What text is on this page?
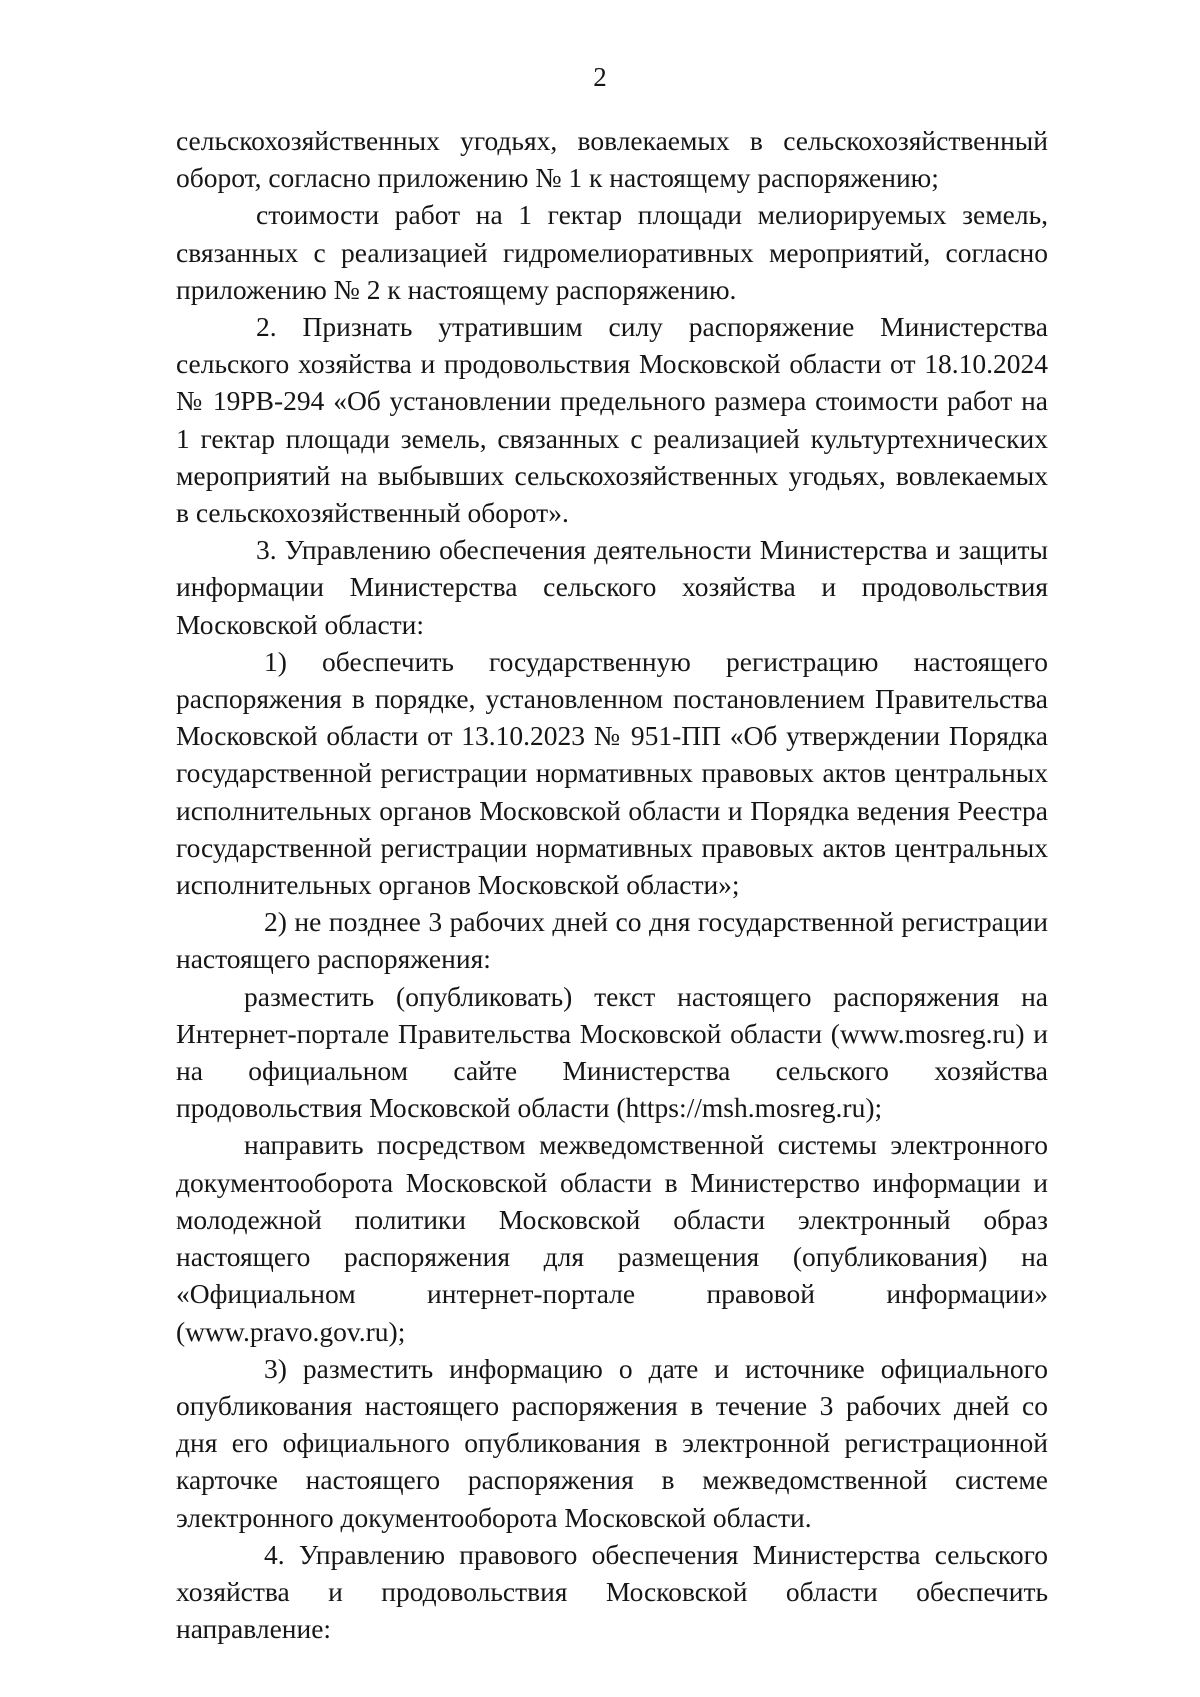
2

сельскохозяйственных угодьях, вовлекаемых в сельскохозяйственный оборот, согласно приложению № 1 к настоящему распоряжению;

стоимости работ на 1 гектар площади мелиорируемых земель, связанных с реализацией гидромелиоративных мероприятий, согласно приложению № 2 к настоящему распоряжению.

2. Признать утратившим силу распоряжение Министерства сельского хозяйства и продовольствия Московской области от 18.10.2024 № 19РВ-294 «Об установлении предельного размера стоимости работ на 1 гектар площади земель, связанных с реализацией культуртехнических мероприятий на выбывших сельскохозяйственных угодьях, вовлекаемых в сельскохозяйственный оборот».

3. Управлению обеспечения деятельности Министерства и защиты информации Министерства сельского хозяйства и продовольствия Московской области:

1) обеспечить государственную регистрацию настоящего распоряжения в порядке, установленном постановлением Правительства Московской области от 13.10.2023 № 951-ПП «Об утверждении Порядка государственной регистрации нормативных правовых актов центральных исполнительных органов Московской области и Порядка ведения Реестра государственной регистрации нормативных правовых актов центральных исполнительных органов Московской области»;

2) не позднее 3 рабочих дней со дня государственной регистрации настоящего распоряжения:

разместить (опубликовать) текст настоящего распоряжения на Интернет-портале Правительства Московской области (www.mosreg.ru) и на официальном сайте Министерства сельского хозяйства продовольствия Московской области (https://msh.mosreg.ru);

направить посредством межведомственной системы электронного документооборота Московской области в Министерство информации и молодежной политики Московской области электронный образ настоящего распоряжения для размещения (опубликования) на «Официальном интернет-портале правовой информации» (www.pravo.gov.ru);

3) разместить информацию о дате и источнике официального опубликования настоящего распоряжения в течение 3 рабочих дней со дня его официального опубликования в электронной регистрационной карточке настоящего распоряжения в межведомственной системе электронного документооборота Московской области.

4. Управлению правового обеспечения Министерства сельского хозяйства и продовольствия Московской области обеспечить направление:
